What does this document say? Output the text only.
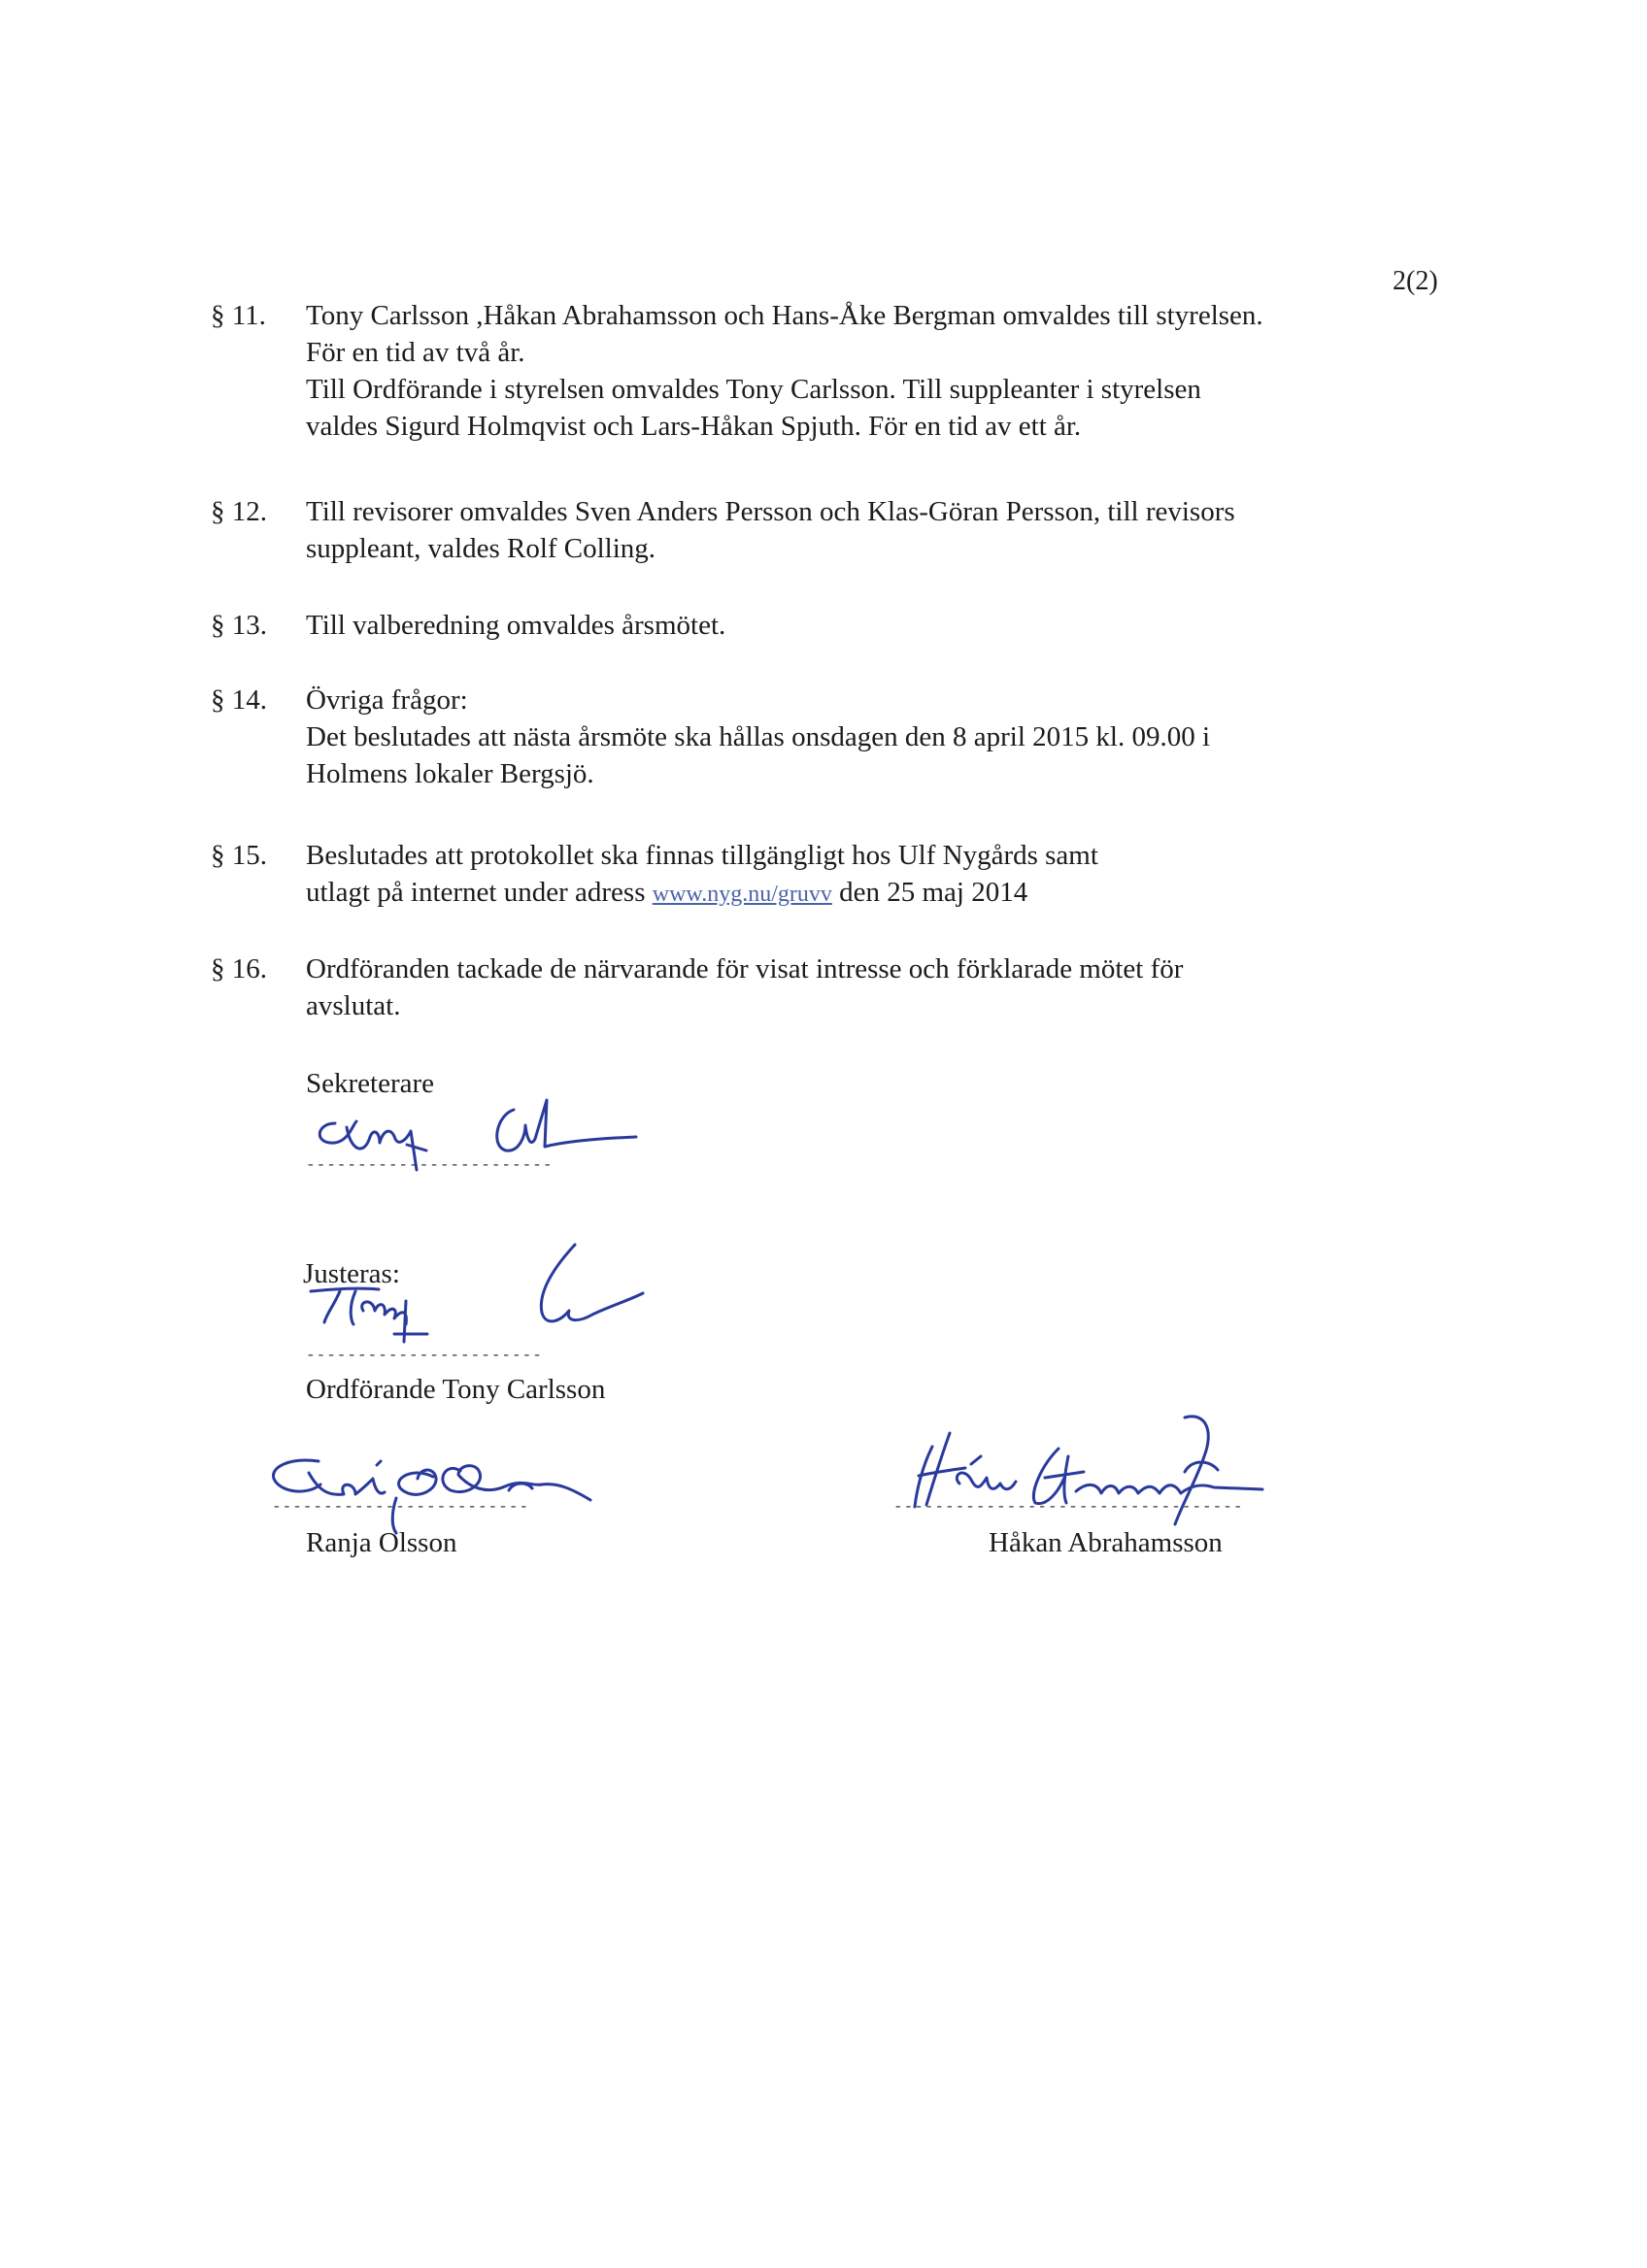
2(2)
§ 11. Tony Carlsson ,Håkan Abrahamsson och Hans-Åke Bergman omvaldes till styrelsen.
För en tid av två år.
Till Ordförande i styrelsen omvaldes Tony Carlsson. Till suppleanter i styrelsen
valdes Sigurd Holmqvist och Lars-Håkan Spjuth. För en tid av ett år.
§ 12. Till revisorer omvaldes Sven Anders Persson och Klas-Göran Persson, till revisors
suppleant, valdes Rolf Colling.
§ 13. Till valberedning omvaldes årsmötet.
§ 14. Övriga frågor:
Det beslutades att nästa årsmöte ska hållas onsdagen den 8 april 2015 kl. 09.00 i
Holmens lokaler Bergsjö.
§ 15. Beslutades att protokollet ska finnas tillgängligt hos Ulf Nygårds samt
utlagt på internet under adress www.nyg.nu/gruvv den 25 maj 2014
§ 16. Ordföranden tackade de närvarande för visat intresse och förklarade mötet för
avslutat.
Sekreterare
------------------------
Justeras:
-----------------------
Ordförande Tony Carlsson
-------------------------
Ranja Olsson
----------------------------------
Håkan Abrahamsson
